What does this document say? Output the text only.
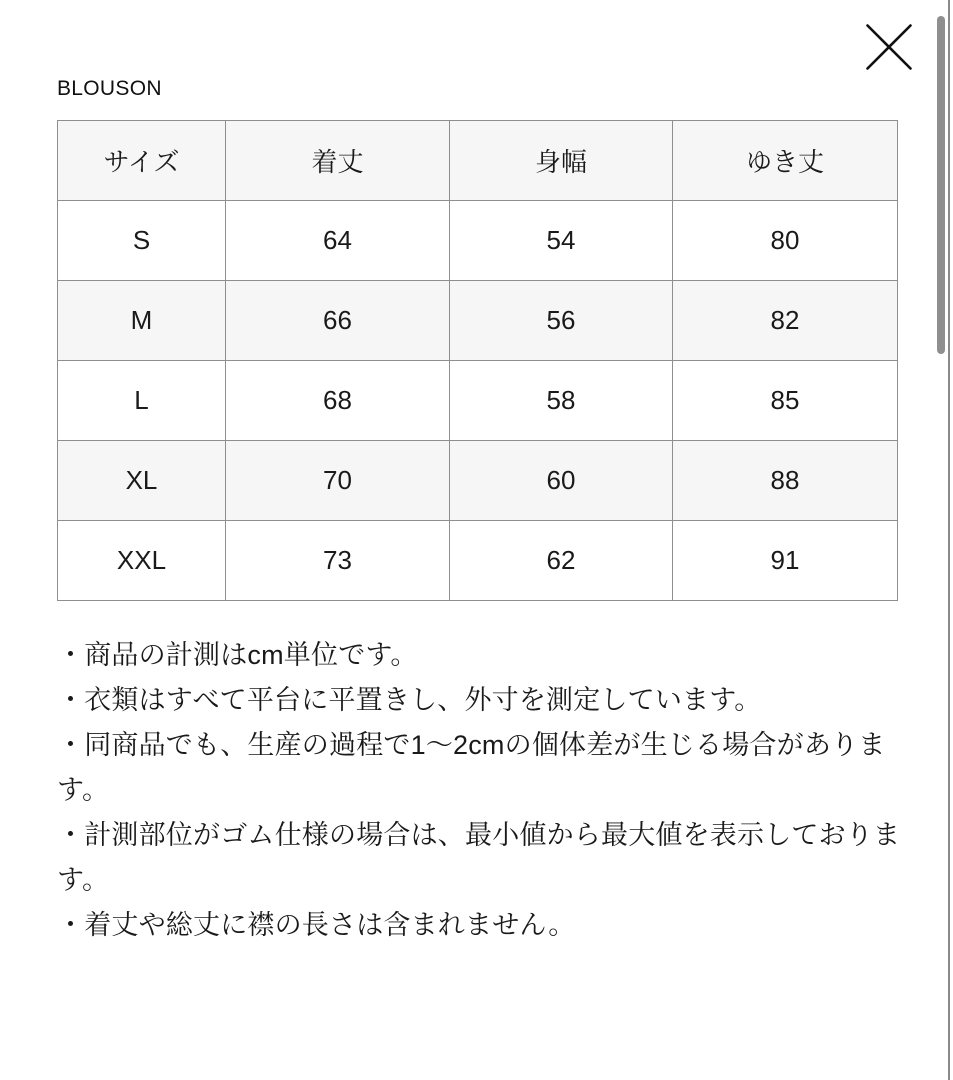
BLOUSON
サイズ	着丈	身幅	ゆき丈
S	64	54	80
M	66	56	82
L	68	58	85
XL	70	60	88
XXL	73	62	91

・商品の計測はcm単位です。

・衣類はすべて平台に平置きし、外寸を測定しています。

・同商品でも、生産の過程で1〜2cmの個体差が生じる場合があります。

・計測部位がゴム仕様の場合は、最小値から最大値を表示しております。

・着丈や総丈に襟の長さは含まれません。
